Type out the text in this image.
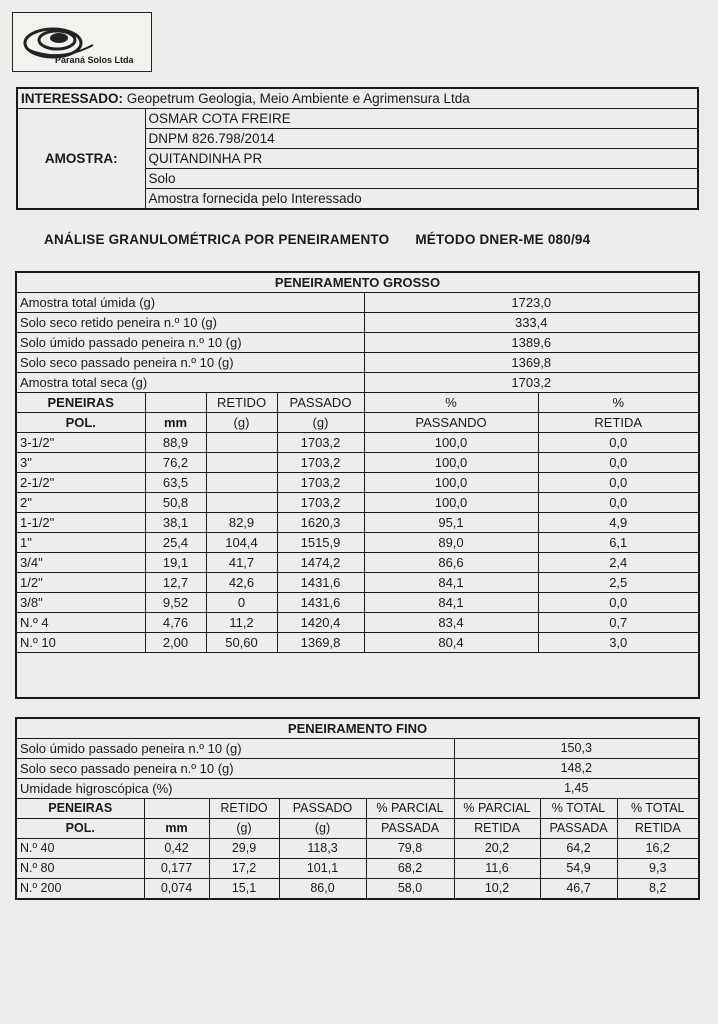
Paraná Solos Ltda
INTERESSADO: Geopetrum Geologia, Meio Ambiente e Agrimensura Ltda
AMOSTRA:	OSMAR COTA FREIRE
DNPM 826.798/2014
QUITANDINHA PR
Solo
Amostra fornecida pelo Interessado
ANÁLISE GRANULOMÉTRICA POR PENEIRAMENTO MÉTODO DNER-ME 080/94
PENEIRAMENTO GROSSO					
Amostra total úmida (g)				1723,0	
Solo seco retido peneira n.º 10 (g)				333,4	
Solo úmido passado peneira n.º 10 (g)				1389,6	
Solo seco passado peneira n.º 10 (g)				1369,8	
Amostra total seca (g)				1703,2	
PENEIRAS		RETIDO	PASSADO	%	%
POL.	mm	(g)	(g)	PASSANDO	RETIDA
3-1/2"	88,9		1703,2	100,0	0,0
3"	76,2		1703,2	100,0	0,0
2-1/2"	63,5		1703,2	100,0	0,0
2"	50,8		1703,2	100,0	0,0
1-1/2"	38,1	82,9	1620,3	95,1	4,9
1"	25,4	104,4	1515,9	89,0	6,1
3/4"	19,1	41,7	1474,2	86,6	2,4
1/2"	12,7	42,6	1431,6	84,1	2,5
3/8"	9,52	0	1431,6	84,1	0,0
N.º 4	4,76	11,2	1420,4	83,4	0,7
N.º 10	2,00	50,60	1369,8	80,4	3,0

PENEIRAMENTO FINO							
Solo úmido passado peneira n.º 10 (g)					150,3		
Solo seco passado peneira n.º 10 (g)					148,2		
Umidade higroscópica (%)					1,45		
PENEIRAS		RETIDO	PASSADO	% PARCIAL	% PARCIAL	% TOTAL	% TOTAL
POL.	mm	(g)	(g)	PASSADA	RETIDA	PASSADA	RETIDA
N.º 40	0,42	29,9	118,3	79,8	20,2	64,2	16,2
N.º 80	0,177	17,2	101,1	68,2	11,6	54,9	9,3
N.º 200	0,074	15,1	86,0	58,0	10,2	46,7	8,2
